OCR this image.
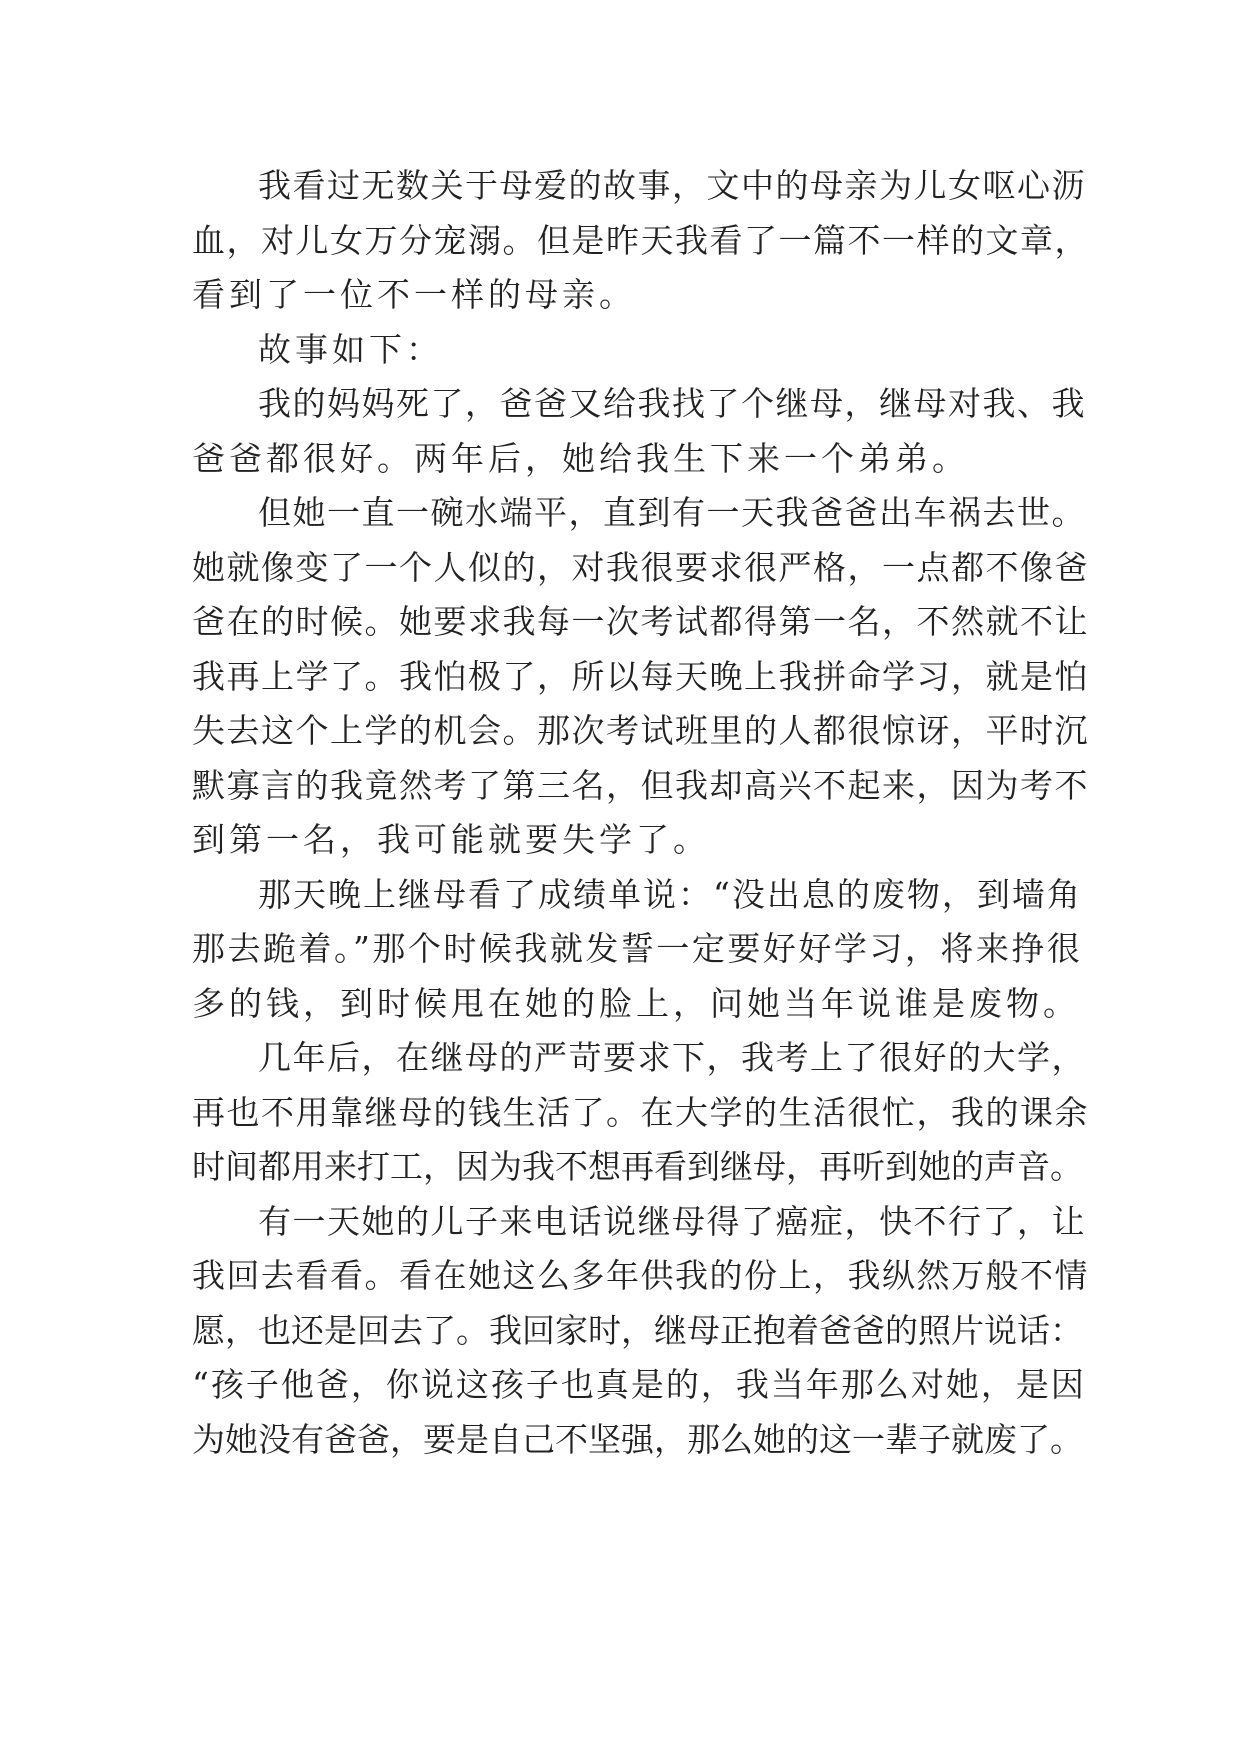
我看过无数关于母爱的故事，文中的母亲为儿女呕心沥

血，对儿女万分宠溺。但是昨天我看了一篇不一样的文章，

看到了一位不一样的母亲。

故事如下：

我的妈妈死了，爸爸又给我找了个继母，继母对我、我

爸爸都很好。两年后，她给我生下来一个弟弟。

但她一直一碗水端平，直到有一天我爸爸出车祸去世。

她就像变了一个人似的，对我很要求很严格，一点都不像爸

爸在的时候。她要求我每一次考试都得第一名，不然就不让

我再上学了。我怕极了，所以每天晚上我拼命学习，就是怕

失去这个上学的机会。那次考试班里的人都很惊讶，平时沉

默寡言的我竟然考了第三名，但我却高兴不起来，因为考不

到第一名，我可能就要失学了。

那天晚上继母看了成绩单说：“没出息的废物，到墙角

那去跪着。”那个时候我就发誓一定要好好学习，将来挣很

多的钱，到时候甩在她的脸上，问她当年说谁是废物。

几年后，在继母的严苛要求下，我考上了很好的大学，

再也不用靠继母的钱生活了。在大学的生活很忙，我的课余

时间都用来打工，因为我不想再看到继母，再听到她的声音。

有一天她的儿子来电话说继母得了癌症，快不行了，让

我回去看看。看在她这么多年供我的份上，我纵然万般不情

愿，也还是回去了。我回家时，继母正抱着爸爸的照片说话：

“孩子他爸，你说这孩子也真是的，我当年那么对她，是因

为她没有爸爸，要是自己不坚强，那么她的这一辈子就废了。
